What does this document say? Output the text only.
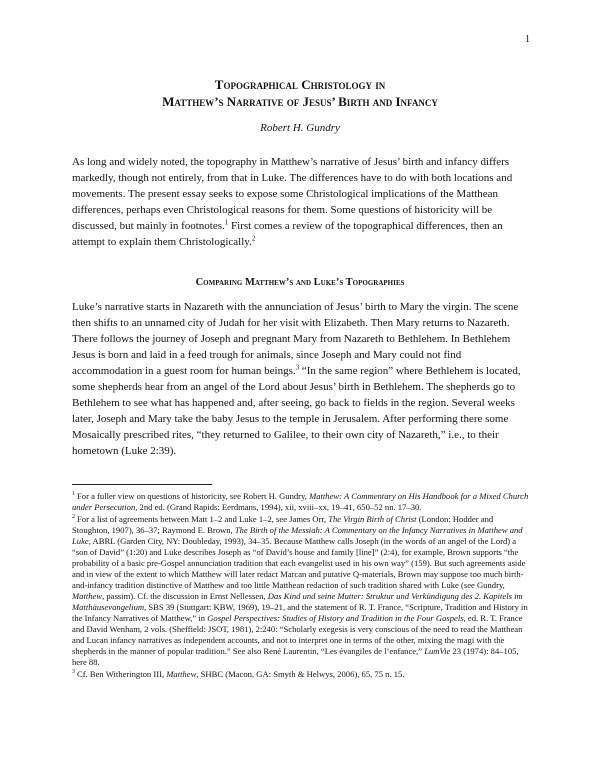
1
Topographical Christology in
Matthew’s Narrative of Jesus’ Birth and Infancy
Robert H. Gundry

As long and widely noted, the topography in Matthew’s narrative of Jesus’ birth and infancy differs markedly, though not entirely, from that in Luke. The differences have to do with both locations and movements. The present essay seeks to expose some Christological implications of the Matthean differences, perhaps even Christological reasons for them. Some questions of historicity will be discussed, but mainly in footnotes.$^1$ First comes a review of the topographical differences, then an attempt to explain them Christologically.$^2$

Comparing Matthew’s and Luke’s Topographies

Luke’s narrative starts in Nazareth with the annunciation of Jesus’ birth to Mary the virgin. The scene then shifts to an unnamed city of Judah for her visit with Elizabeth. Then Mary returns to Nazareth. There follows the journey of Joseph and pregnant Mary from Nazareth to Bethlehem. In Bethlehem Jesus is born and laid in a feed trough for animals, since Joseph and Mary could not find accommodation in a guest room for human beings.$^3$ “In the same region” where Bethlehem is located, some shepherds hear from an angel of the Lord about Jesus’ birth in Bethlehem. The shepherds go to Bethlehem to see what has happened and, after seeing, go back to fields in the region. Several weeks later, Joseph and Mary take the baby Jesus to the temple in Jerusalem. After performing there some Mosaically prescribed rites, “they returned to Galilee, to their own city of Nazareth,” i.e., to their hometown (Luke 2:39).

$^1$ For a fuller view on questions of historicity, see Robert H. Gundry, Matthew: A Commentary on His Handbook for a Mixed Church under Persecution, 2nd ed. (Grand Rapids: Eerdmans, 1994), xii, xviii–xx, 19–41, 650–52 nn. 17–30.

$^2$ For a list of agreements between Matt 1–2 and Luke 1–2, see James Orr, The Virgin Birth of Christ (London: Hodder and Stoughton, 1907), 36–37; Raymond E. Brown, The Birth of the Messiah: A Commentary on the Infancy Narratives in Matthew and Luke, ABRL (Garden City, NY: Doubleday, 1993), 34–35. Because Matthew calls Joseph (in the words of an angel of the Lord) a “son of David” (1:20) and Luke describes Joseph as “of David’s house and family [line]” (2:4), for example, Brown supports “the probability of a basic pre-Gospel annunciation tradition that each evangelist used in his own way” (159). But such agreements aside and in view of the extent to which Matthew will later redact Marcan and putative Q-materials, Brown may suppose too much birth-and-infancy tradition distinctive of Matthew and too little Matthean redaction of such tradition shared with Luke (see Gundry, Matthew, passim). Cf. the discussion in Ernst Nellessen, Das Kind und seine Mutter: Struktur und Verkündigung des 2. Kapitels im Matthäusevangelium, SBS 39 (Stuttgart: KBW, 1969), 19–21, and the statement of R. T. France, “Scripture, Tradition and History in the Infancy Narratives of Matthew,” in Gospel Perspectives: Studies of History and Tradition in the Four Gospels, ed. R. T. France and David Wenham, 2 vols. (Sheffield: JSOT, 1981), 2:240: “Scholarly exegesis is very conscious of the need to read the Matthean and Lucan infancy narratives as independent accounts, and not to interpret one in terms of the other, mixing the magi with the shepherds in the manner of popular tradition.” See also René Laurentin, “Les évangiles de l’enfance,” LumVie 23 (1974): 84–105, here 88.

$^3$ Cf. Ben Witherington III, Matthew, SHBC (Macon, GA: Smyth & Helwys, 2006), 65, 75 n. 15.
